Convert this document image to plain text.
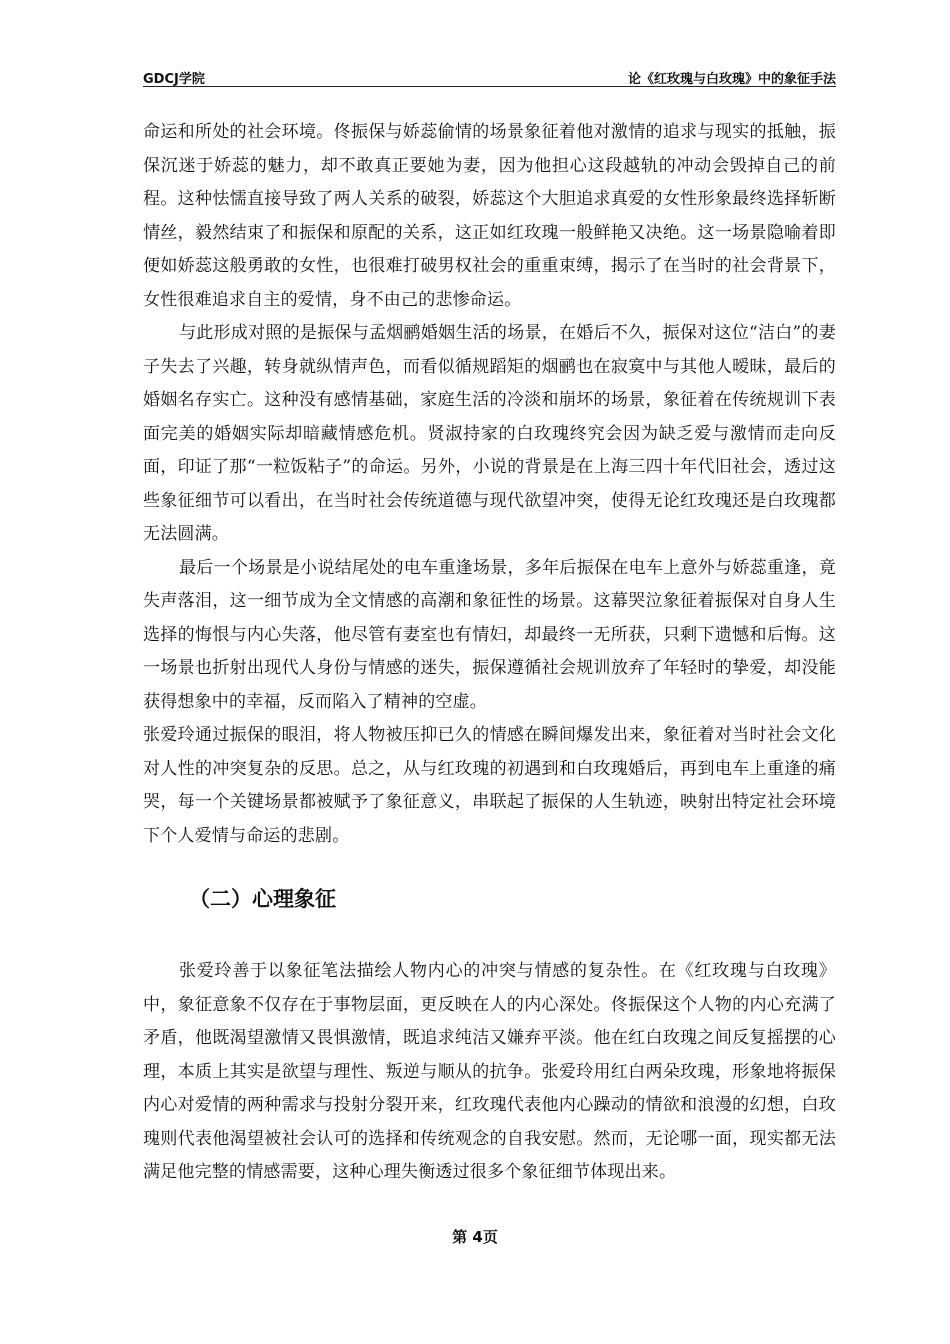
GDCJ学院	论《红玫瑰与白玫瑰》中的象征手法

命运和所处的社会环境。佟振保与娇蕊偷情的场景象征着他对激情的追求与现实的抵触，振保沉迷于娇蕊的魅力，却不敢真正要她为妻，因为他担心这段越轨的冲动会毁掉自己的前程。这种怯懦直接导致了两人关系的破裂，娇蕊这个大胆追求真爱的女性形象最终选择斩断情丝，毅然结束了和振保和原配的关系，这正如红玫瑰一般鲜艳又决绝。这一场景隐喻着即便如娇蕊这般勇敢的女性，也很难打破男权社会的重重束缚，揭示了在当时的社会背景下，女性很难追求自主的爱情，身不由己的悲惨命运。

与此形成对照的是振保与孟烟鹂婚姻生活的场景，在婚后不久，振保对这位“洁白”的妻子失去了兴趣，转身就纵情声色，而看似循规蹈矩的烟鹂也在寂寞中与其他人暧昧，最后的婚姻名存实亡。这种没有感情基础，家庭生活的冷淡和崩坏的场景，象征着在传统规训下表面完美的婚姻实际却暗藏情感危机。贤淑持家的白玫瑰终究会因为缺乏爱与激情而走向反面，印证了那“一粒饭粘子”的命运。另外，小说的背景是在上海三四十年代旧社会，透过这些象征细节可以看出，在当时社会传统道德与现代欲望冲突，使得无论红玫瑰还是白玫瑰都无法圆满。

最后一个场景是小说结尾处的电车重逢场景，多年后振保在电车上意外与娇蕊重逢，竟失声落泪，这一细节成为全文情感的高潮和象征性的场景。这幕哭泣象征着振保对自身人生选择的悔恨与内心失落，他尽管有妻室也有情妇，却最终一无所获，只剩下遗憾和后悔。这一场景也折射出现代人身份与情感的迷失，振保遵循社会规训放弃了年轻时的挚爱，却没能获得想象中的幸福，反而陷入了精神的空虚。

张爱玲通过振保的眼泪，将人物被压抑已久的情感在瞬间爆发出来，象征着对当时社会文化对人性的冲突复杂的反思。总之，从与红玫瑰的初遇到和白玫瑰婚后，再到电车上重逢的痛哭，每一个关键场景都被赋予了象征意义，串联起了振保的人生轨迹，映射出特定社会环境下个人爱情与命运的悲剧。

（二）心理象征

张爱玲善于以象征笔法描绘人物内心的冲突与情感的复杂性。在《红玫瑰与白玫瑰》中，象征意象不仅存在于事物层面，更反映在人的内心深处。佟振保这个人物的内心充满了矛盾，他既渴望激情又畏惧激情，既追求纯洁又嫌弃平淡。他在红白玫瑰之间反复摇摆的心理，本质上其实是欲望与理性、叛逆与顺从的抗争。张爱玲用红白两朵玫瑰，形象地将振保内心对爱情的两种需求与投射分裂开来，红玫瑰代表他内心躁动的情欲和浪漫的幻想，白玫瑰则代表他渴望被社会认可的选择和传统观念的自我安慰。然而，无论哪一面，现实都无法满足他完整的情感需要，这种心理失衡透过很多个象征细节体现出来。

第 4页
